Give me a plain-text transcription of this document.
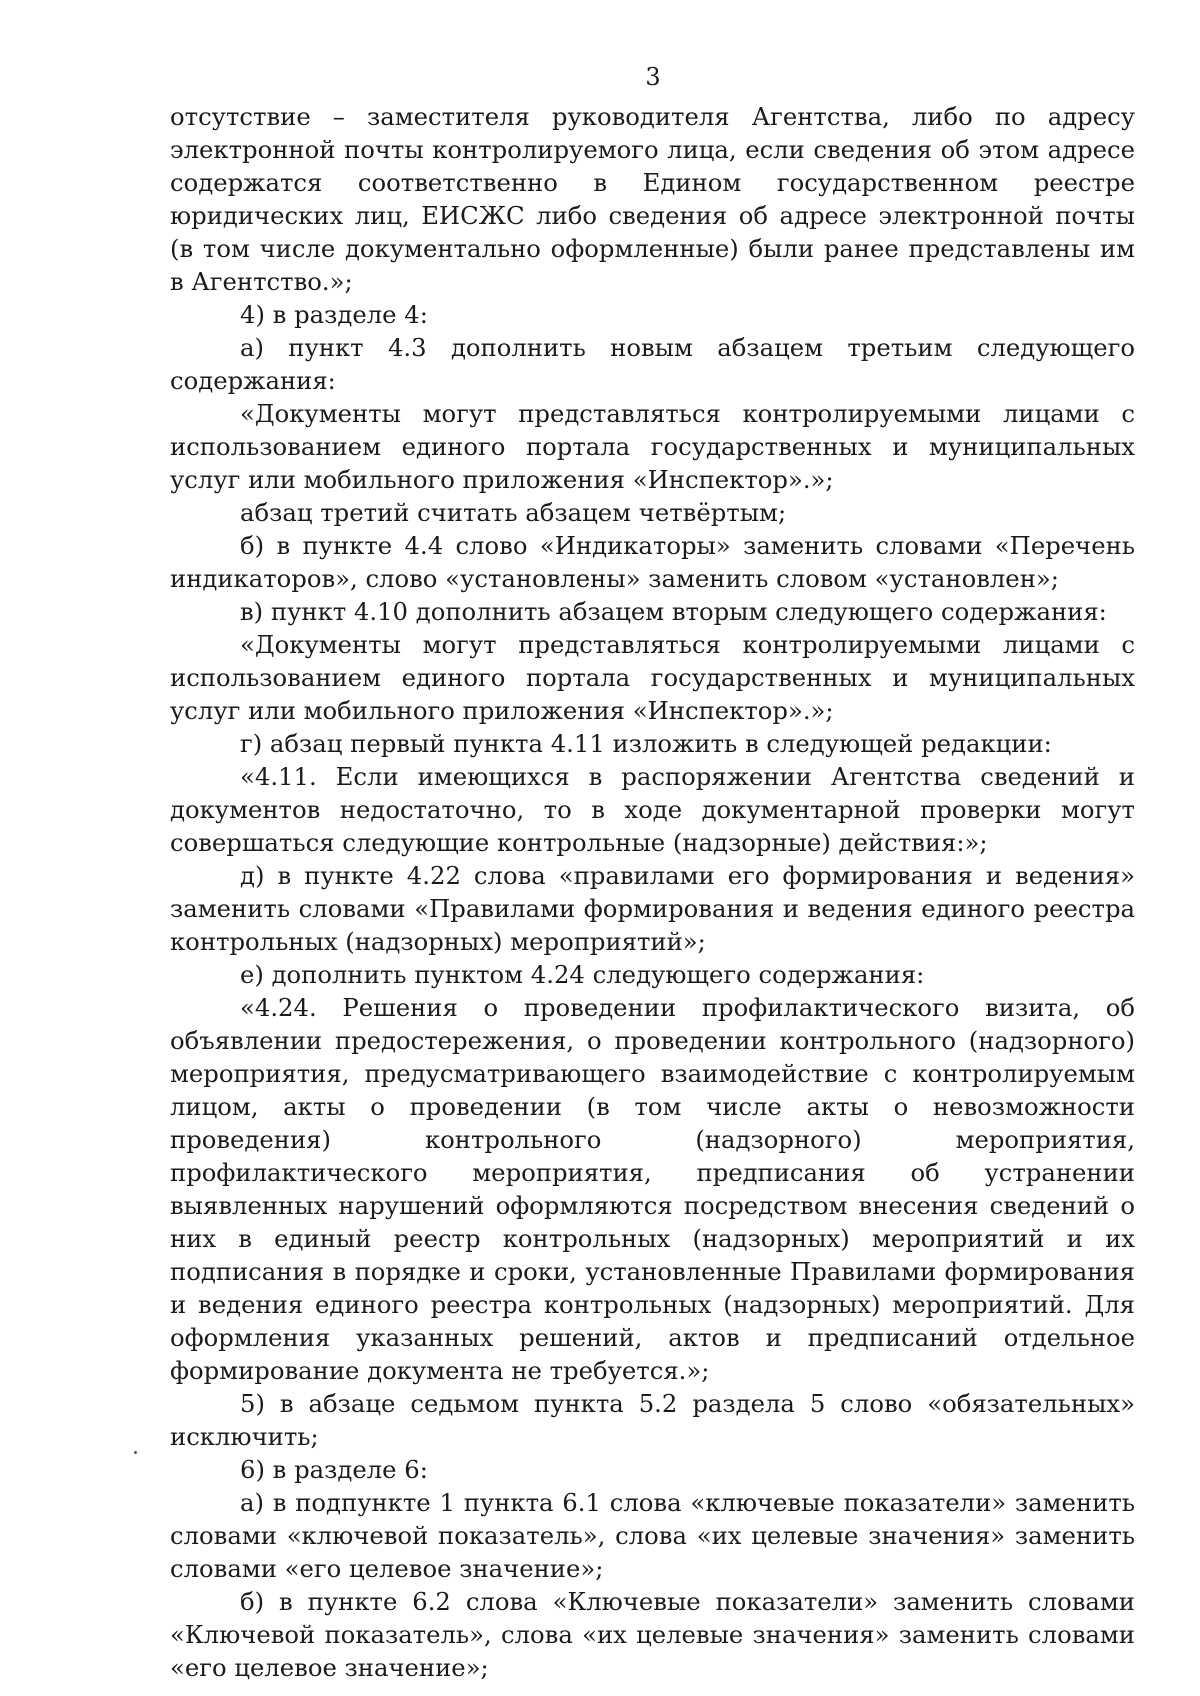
3

отсутствие – заместителя руководителя Агентства, либо по адресу электронной почты контролируемого лица, если сведения об этом адресе содержатся соответственно в Едином государственном реестре юридических лиц, ЕИСЖС либо сведения об адресе электронной почты (в том числе документально оформленные) были ранее представлены им в Агентство.»;

4) в разделе 4:

а) пункт 4.3 дополнить новым абзацем третьим следующего содержания:

«Документы могут представляться контролируемыми лицами с использованием единого портала государственных и муниципальных услуг или мобильного приложения «Инспектор».»;

абзац третий считать абзацем четвёртым;

б) в пункте 4.4 слово «Индикаторы» заменить словами «Перечень индикаторов», слово «установлены» заменить словом «установлен»;

в) пункт 4.10 дополнить абзацем вторым следующего содержания:

«Документы могут представляться контролируемыми лицами с использованием единого портала государственных и муниципальных услуг или мобильного приложения «Инспектор».»;

г) абзац первый пункта 4.11 изложить в следующей редакции:

«4.11. Если имеющихся в распоряжении Агентства сведений и документов недостаточно, то в ходе документарной проверки могут совершаться следующие контрольные (надзорные) действия:»;

д) в пункте 4.22 слова «правилами его формирования и ведения» заменить словами «Правилами формирования и ведения единого реестра контрольных (надзорных) мероприятий»;

е) дополнить пунктом 4.24 следующего содержания:

«4.24. Решения о проведении профилактического визита, об объявлении предостережения, о проведении контрольного (надзорного) мероприятия, предусматривающего взаимодействие с контролируемым лицом, акты о проведении (в том числе акты о невозможности проведения) контрольного (надзорного) мероприятия, профилактического мероприятия, предписания об устранении выявленных нарушений оформляются посредством внесения сведений о них в единый реестр контрольных (надзорных) мероприятий и их подписания в порядке и сроки, установленные Правилами формирования и ведения единого реестра контрольных (надзорных) мероприятий. Для оформления указанных решений, актов и предписаний отдельное формирование документа не требуется.»;

5) в абзаце седьмом пункта 5.2 раздела 5 слово «обязательных» исключить;

6) в разделе 6:

а) в подпункте 1 пункта 6.1 слова «ключевые показатели» заменить словами «ключевой показатель», слова «их целевые значения» заменить словами «его целевое значение»;

б) в пункте 6.2 слова «Ключевые показатели» заменить словами «Ключевой показатель», слова «их целевые значения» заменить словами «его целевое значение»;
